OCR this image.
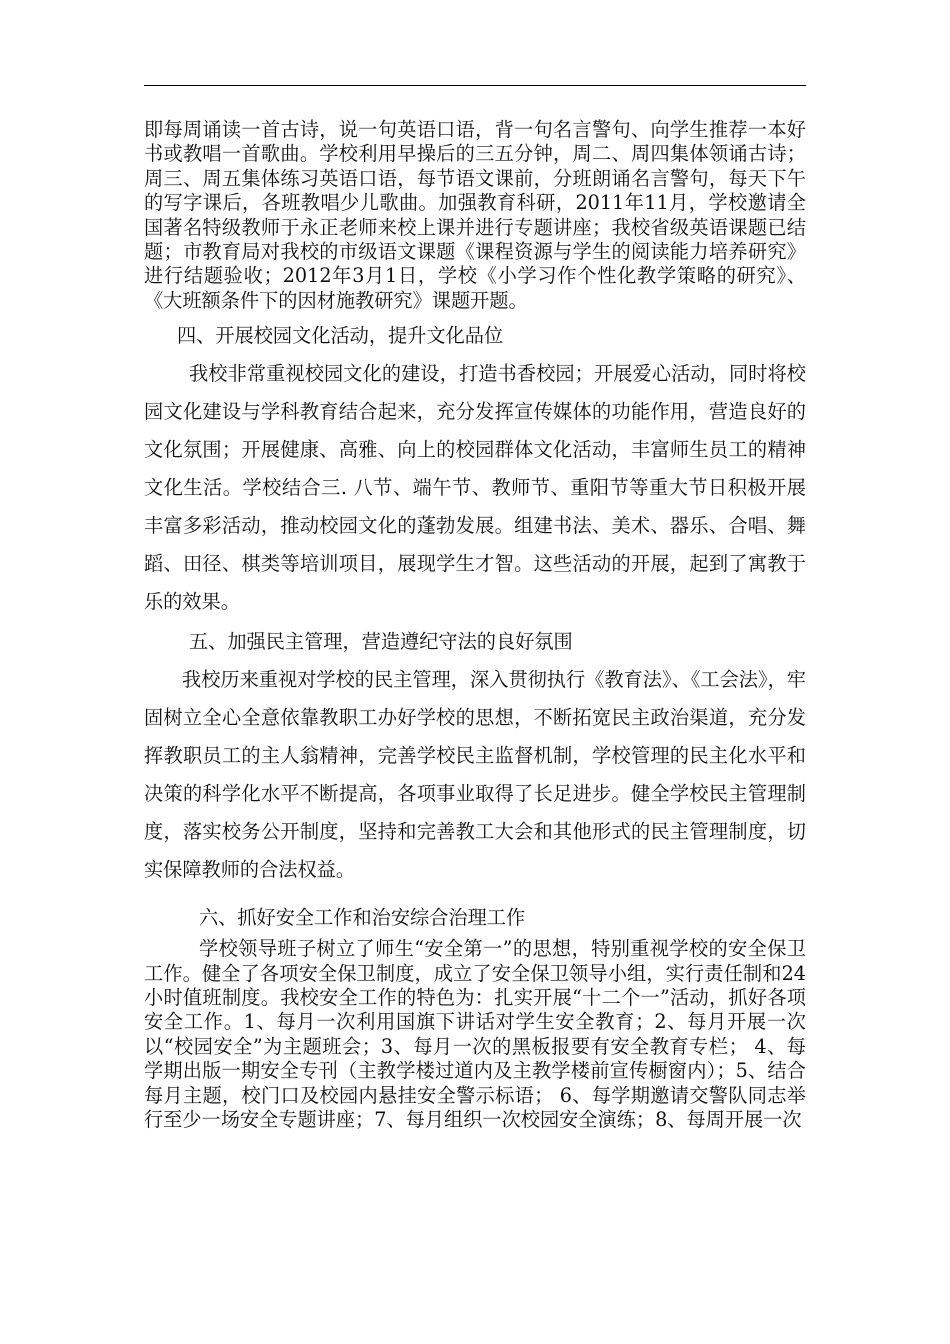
即每周诵读一首古诗，说一句英语口语，背一句名言警句、向学生推荐一本好书或教唱一首歌曲。学校利用早操后的三五分钟，周二、周四集体领诵古诗；周三、周五集体练习英语口语，每节语文课前，分班朗诵名言警句，每天下午的写字课后，各班教唱少儿歌曲。加强教育科研，2011年11月，学校邀请全国著名特级教师于永正老师来校上课并进行专题讲座；我校省级英语课题已结题；市教育局对我校的市级语文课题《课程资源与学生的阅读能力培养研究》进行结题验收；2012年3月1日，学校《小学习作个性化教学策略的研究》、《大班额条件下的因材施教研究》课题开题。

四、开展校园文化活动，提升文化品位

我校非常重视校园文化的建设，打造书香校园；开展爱心活动，同时将校园文化建设与学科教育结合起来，充分发挥宣传媒体的功能作用，营造良好的文化氛围；开展健康、高雅、向上的校园群体文化活动，丰富师生员工的精神文化生活。学校结合三. 八节、端午节、教师节、重阳节等重大节日积极开展丰富多彩活动，推动校园文化的蓬勃发展。组建书法、美术、器乐、合唱、舞蹈、田径、棋类等培训项目，展现学生才智。这些活动的开展，起到了寓教于乐的效果。

五、加强民主管理，营造遵纪守法的良好氛围

我校历来重视对学校的民主管理，深入贯彻执行《教育法》、《工会法》，牢固树立全心全意依靠教职工办好学校的思想，不断拓宽民主政治渠道，充分发挥教职员工的主人翁精神，完善学校民主监督机制，学校管理的民主化水平和决策的科学化水平不断提高，各项事业取得了长足进步。健全学校民主管理制度，落实校务公开制度，坚持和完善教工大会和其他形式的民主管理制度，切实保障教师的合法权益。

六、抓好安全工作和治安综合治理工作

学校领导班子树立了师生“安全第一”的思想，特别重视学校的安全保卫工作。健全了各项安全保卫制度，成立了安全保卫领导小组，实行责任制和24小时值班制度。我校安全工作的特色为：扎实开展“十二个一”活动，抓好各项安全工作。1、每月一次利用国旗下讲话对学生安全教育；2、每月开展一次以“校园安全”为主题班会；3、每月一次的黑板报要有安全教育专栏； 4、每学期出版一期安全专刊（主教学楼过道内及主教学楼前宣传橱窗内）；5、结合每月主题，校门口及校园内悬挂安全警示标语； 6、每学期邀请交警队同志举行至少一场安全专题讲座；7、每月组织一次校园安全演练；8、每周开展一次
